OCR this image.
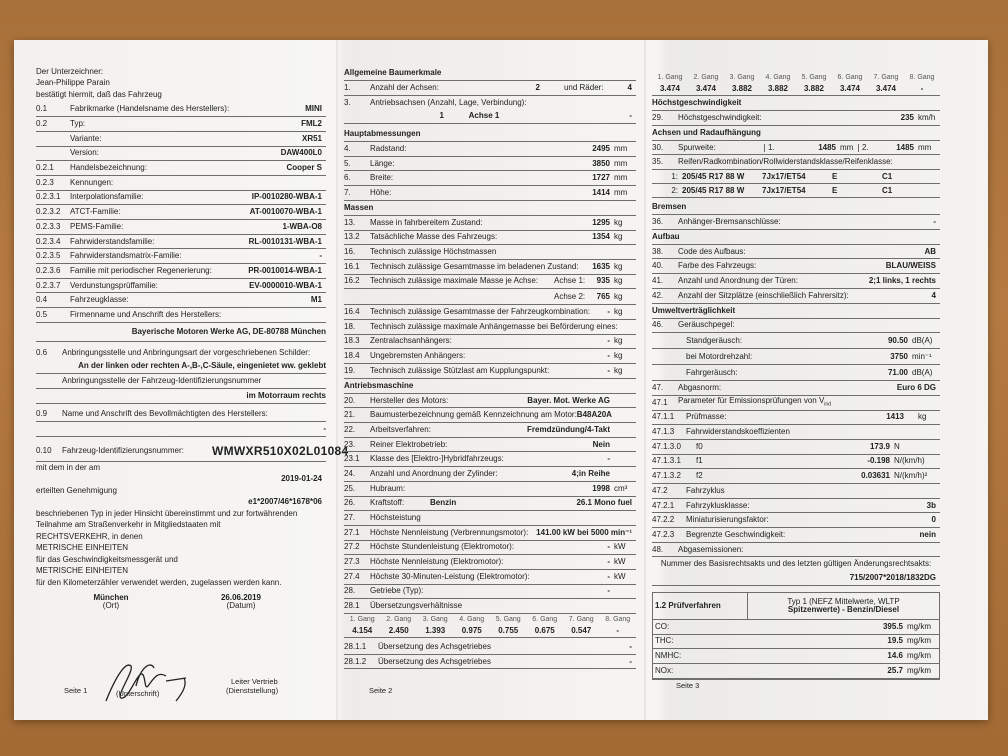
Der Unterzeichner:
Jean-Philippe Parain
bestätigt hiermit, daß das Fahrzeug
0.1	Fabrikmarke (Handelsname des Herstellers):	MINI
0.2	Typ:	FML2
Variante:	XR51
Version:	DAW400L0
0.2.1	Handelsbezeichnung:	Cooper S
0.2.3	Kennungen:
0.2.3.1	Interpolationsfamilie:	IP-0010280-WBA-1
0.2.3.2	ATCT-Familie:	AT-0010070-WBA-1
0.2.3.3	PEMS-Familie:	1-WBA-O8
0.2.3.4	Fahrwiderstandsfamilie:	RL-0010131-WBA-1
0.2.3.5	Fahrwiderstandsmatrix-Familie:	-
0.2.3.6	Familie mit periodischer Regenerierung:	PR-0010014-WBA-1
0.2.3.7	Verdunstungsprüffamilie:	EV-0000010-WBA-1
0.4	Fahrzeugklasse:	M1
0.5	Firmenname und Anschrift des Herstellers:
Bayerische Motoren Werke AG, DE-80788 München
0.6	Anbringungsstelle und Anbringungsart der vorgeschriebenen Schilder:
An der linken oder rechten A-,B-,C-Säule, eingenietet ww. geklebt
Anbringungsstelle der Fahrzeug-Identifizierungsnummer
im Motorraum rechts
0.9	Name und Anschrift des Bevollmächtigten des Herstellers:
-
0.10	Fahrzeug-Identifizierungsnummer:	WMWXR510X02L01084
mit dem in der am
2019-01-24
erteilten Genehmigung
e1*2007/46*1678*06
beschriebenen Typ in jeder Hinsicht übereinstimmt und zur fortwährenden
Teilnahme am Straßenverkehr in Mitgliedstaaten mit
RECHTSVERKEHR, in denen
METRISCHE EINHEITEN
für das Geschwindigkeitsmessgerät und
METRISCHE EINHEITEN
für den Kilometerzähler verwendet werden, zugelassen werden kann.
München
(Ort)
26.06.2019
(Datum)
Leiter Vertrieb
(Dienststellung)
(Unterschrift)
Seite 1
Allgemeine Baumerkmale
1.	Anzahl der Achsen:	2	und Räder:	4
3.	Antriebsachsen (Anzahl, Lage, Verbindung):
1	Achse 1	-
Hauptabmessungen
4.	Radstand:	2495 mm
5.	Länge:	3850 mm
6.	Breite:	1727 mm
7.	Höhe:	1414 mm
Massen
13.	Masse in fahrbereitem Zustand:	1295 kg
13.2	Tatsächliche Masse des Fahrzeugs:	1354 kg
16.	Technisch zulässige Höchstmassen
16.1	Technisch zulässige Gesamtmasse im beladenen Zustand:	1635 kg
16.2	Technisch zulässige maximale Masse je Achse:	Achse 1:	935 kg
Achse 2:	765 kg
16.4	Technisch zulässige Gesamtmasse der Fahrzeugkombination:	- kg
18.	Technisch zulässige maximale Anhängemasse bei Beförderung eines:
18.3	Zentralachsanhängers:	- kg
18.4	Ungebremsten Anhängers:	- kg
19.	Technisch zulässige Stützlast am Kupplungspunkt:	- kg
Antriebsmaschine
20.	Hersteller des Motors:	Bayer. Mot. Werke AG
21.	Baumusterbezeichnung gemäß Kennzeichnung am Motor: B48A20A
22.	Arbeitsverfahren:	Fremdzündung/4-Takt
23.	Reiner Elektrobetrieb:	Nein
23.1	Klasse des [Elektro-]Hybridfahrzeugs:	-
24.	Anzahl und Anordnung der Zylinder:	4;in Reihe
25.	Hubraum:	1998 cm³
26.	Kraftstoff:	Benzin	26.1 Mono fuel
27.	Höchsteistung
27.1	Höchste Nennleistung (Verbrennungsmotor): 141.00 kW bei 5000 min⁻¹
27.2	Höchste Stundenleistung (Elektromotor):	- kW
27.3	Höchste Nennleistung (Elektromotor):	- kW
27.4	Höchste 30-Minuten-Leistung (Elektromotor):	- kW
28.	Getriebe (Typ):	-
28.1	Übersetzungsverhältnisse
1. Gang	2. Gang	3. Gang	4. Gang	5. Gang	6. Gang	7. Gang	8. Gang
4.154	2.450	1.393	0.975	0.755	0.675	0.547	-
28.1.1	Übersetzung des Achsgetriebes	-
28.1.2	Übersetzung des Achsgetriebes	-
Seite 2
1. Gang	2. Gang	3. Gang	4. Gang	5. Gang	6. Gang	7. Gang	8. Gang
3.474	3.474	3.882	3.882	3.882	3.474	3.474	-
Höchstgeschwindigkeit
29.	Höchstgeschwindigkeit:	235 km/h
Achsen und Radaufhängung
30.	Spurweite:	1.	1485 mm	2.	1485 mm
35.	Reifen/Radkombination/Rollwiderstandsklasse/Reifenklasse:
1: 205/45 R17 88 W	7Jx17/ET54	E	C1
2: 205/45 R17 88 W	7Jx17/ET54	E	C1
Bremsen
36.	Anhänger-Bremsanschlüsse:	-
Aufbau
38.	Code des Aufbaus:	AB
40.	Farbe des Fahrzeugs:	BLAU/WEISS
41.	Anzahl und Anordnung der Türen:	2;1 links, 1 rechts
42.	Anzahl der Sitzplätze (einschließlich Fahrersitz):	4
Umweltverträglichkeit
46.	Geräuschpegel:
Standgeräusch:	90.50 dB(A)
bei Motordrehzahl:	3750 min⁻¹
Fahrgeräusch:	71.00 dB(A)
47.	Abgasnorm:	Euro 6 DG
47.1	Parameter für Emissionsprüfungen von $V_{ind}$
47.1.1	Prüfmasse:	1413	kg
47.1.3	Fahrwiderstandskoeffizienten
47.1.3.0	f0	173.9 N
47.1.3.1	f1	-0.198 N/(km/h)
47.1.3.2	f2	0.03631 N/(km/h)²
47.2	Fahrzyklus
47.2.1	Fahrzyklusklasse:	3b
47.2.2	Miniaturisierungsfaktor:	0
47.2.3	Begrenzte Geschwindigkeit:	nein
48.	Abgasemissionen:
Nummer des Basisrechtsakts und des letzten gültigen Änderungsrechtsakts:
715/2007*2018/1832DG
1.2 Prüfverfahren	Typ 1 (NEFZ Mittelwerte, WLTP
Spitzenwerte) - Benzin/Diesel
CO:	395.5 mg/km
THC:	19.5 mg/km
NMHC:	14.6 mg/km
NOx:	25.7 mg/km
Seite 3
